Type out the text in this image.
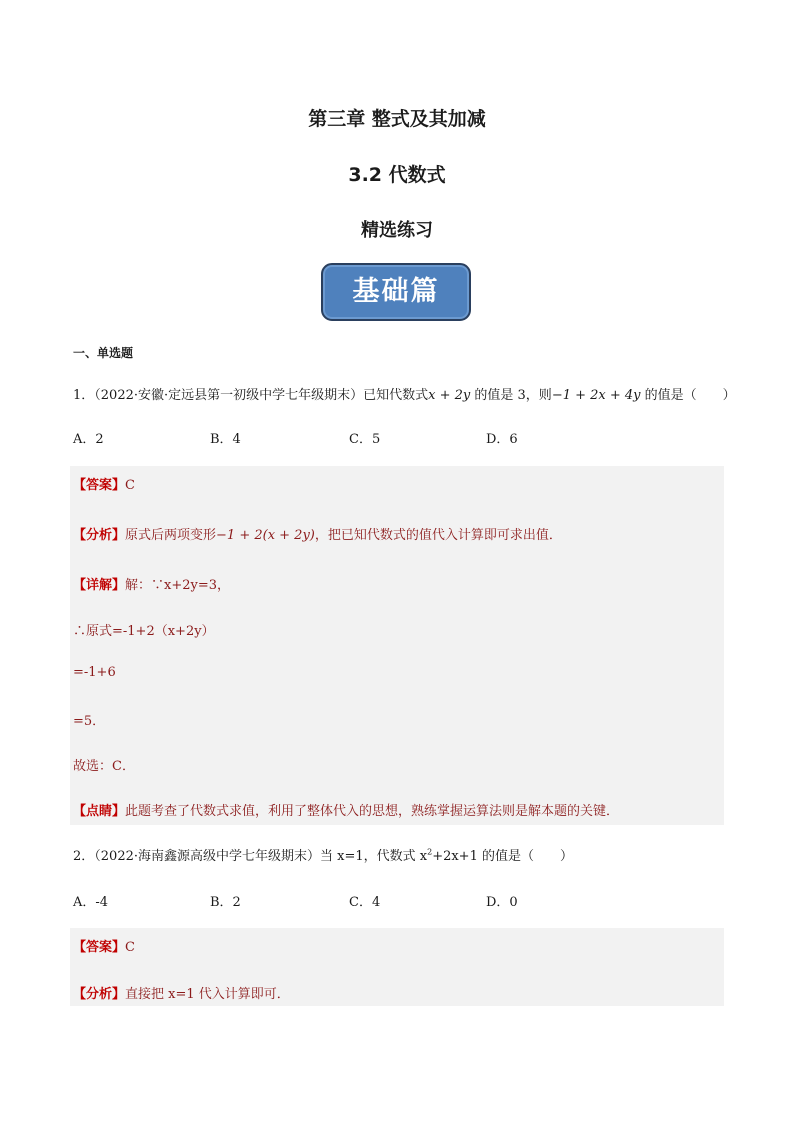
第三章 整式及其加减
3.2 代数式
精选练习
基础篇
一、单选题
1．（2022·安徽·定远县第一初级中学七年级期末）已知代数式x + 2y 的值是 3，则−1 + 2x + 4y 的值是（　　）
A．2	B．4	C．5	D．6
【答案】C
【分析】原式后两项变形−1 + 2(x + 2y)，把已知代数式的值代入计算即可求出值．
【详解】解：∵x+2y=3，
∴原式=-1+2（x+2y）
=-1+6
=5．
故选：C．
【点睛】此题考查了代数式求值，利用了整体代入的思想，熟练掌握运算法则是解本题的关键．
2．（2022·海南鑫源高级中学七年级期末）当 x=1，代数式 $x^2+2x+1$ 的值是（　　）
A．-4	B．2	C．4	D．0
【答案】C
【分析】直接把 x=1 代入计算即可．
